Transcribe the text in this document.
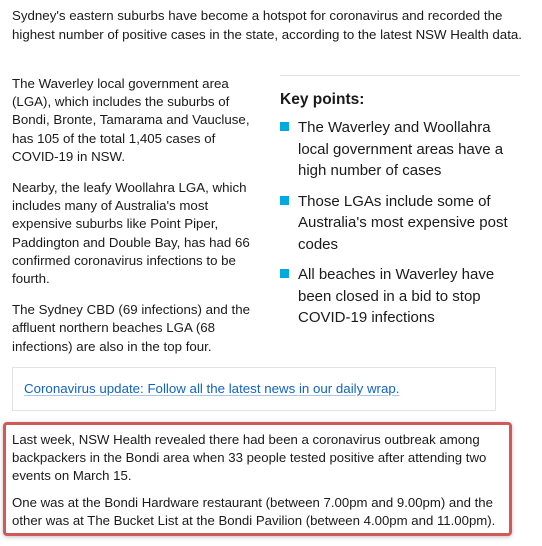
Sydney's eastern suburbs have become a hotspot for coronavirus and recorded the highest number of positive cases in the state, according to the latest NSW Health data.

The Waverley local government area (LGA), which includes the suburbs of Bondi, Bronte, Tamarama and Vaucluse, has 105 of the total 1,405 cases of COVID-19 in NSW.

Nearby, the leafy Woollahra LGA, which includes many of Australia's most expensive suburbs like Point Piper, Paddington and Double Bay, has had 66 confirmed coronavirus infections to be fourth.

The Sydney CBD (69 infections) and the affluent northern beaches LGA (68 infections) are also in the top four.

Key points:
The Waverley and Woollahra local government areas have a high number of cases
Those LGAs include some of Australia's most expensive post codes
All beaches in Waverley have been closed in a bid to stop COVID-19 infections
Coronavirus update: Follow all the latest news in our daily wrap.

Last week, NSW Health revealed there had been a coronavirus outbreak among backpackers in the Bondi area when 33 people tested positive after attending two events on March 15.

One was at the Bondi Hardware restaurant (between 7.00pm and 9.00pm) and the other was at The Bucket List at the Bondi Pavilion (between 4.00pm and 11.00pm).
